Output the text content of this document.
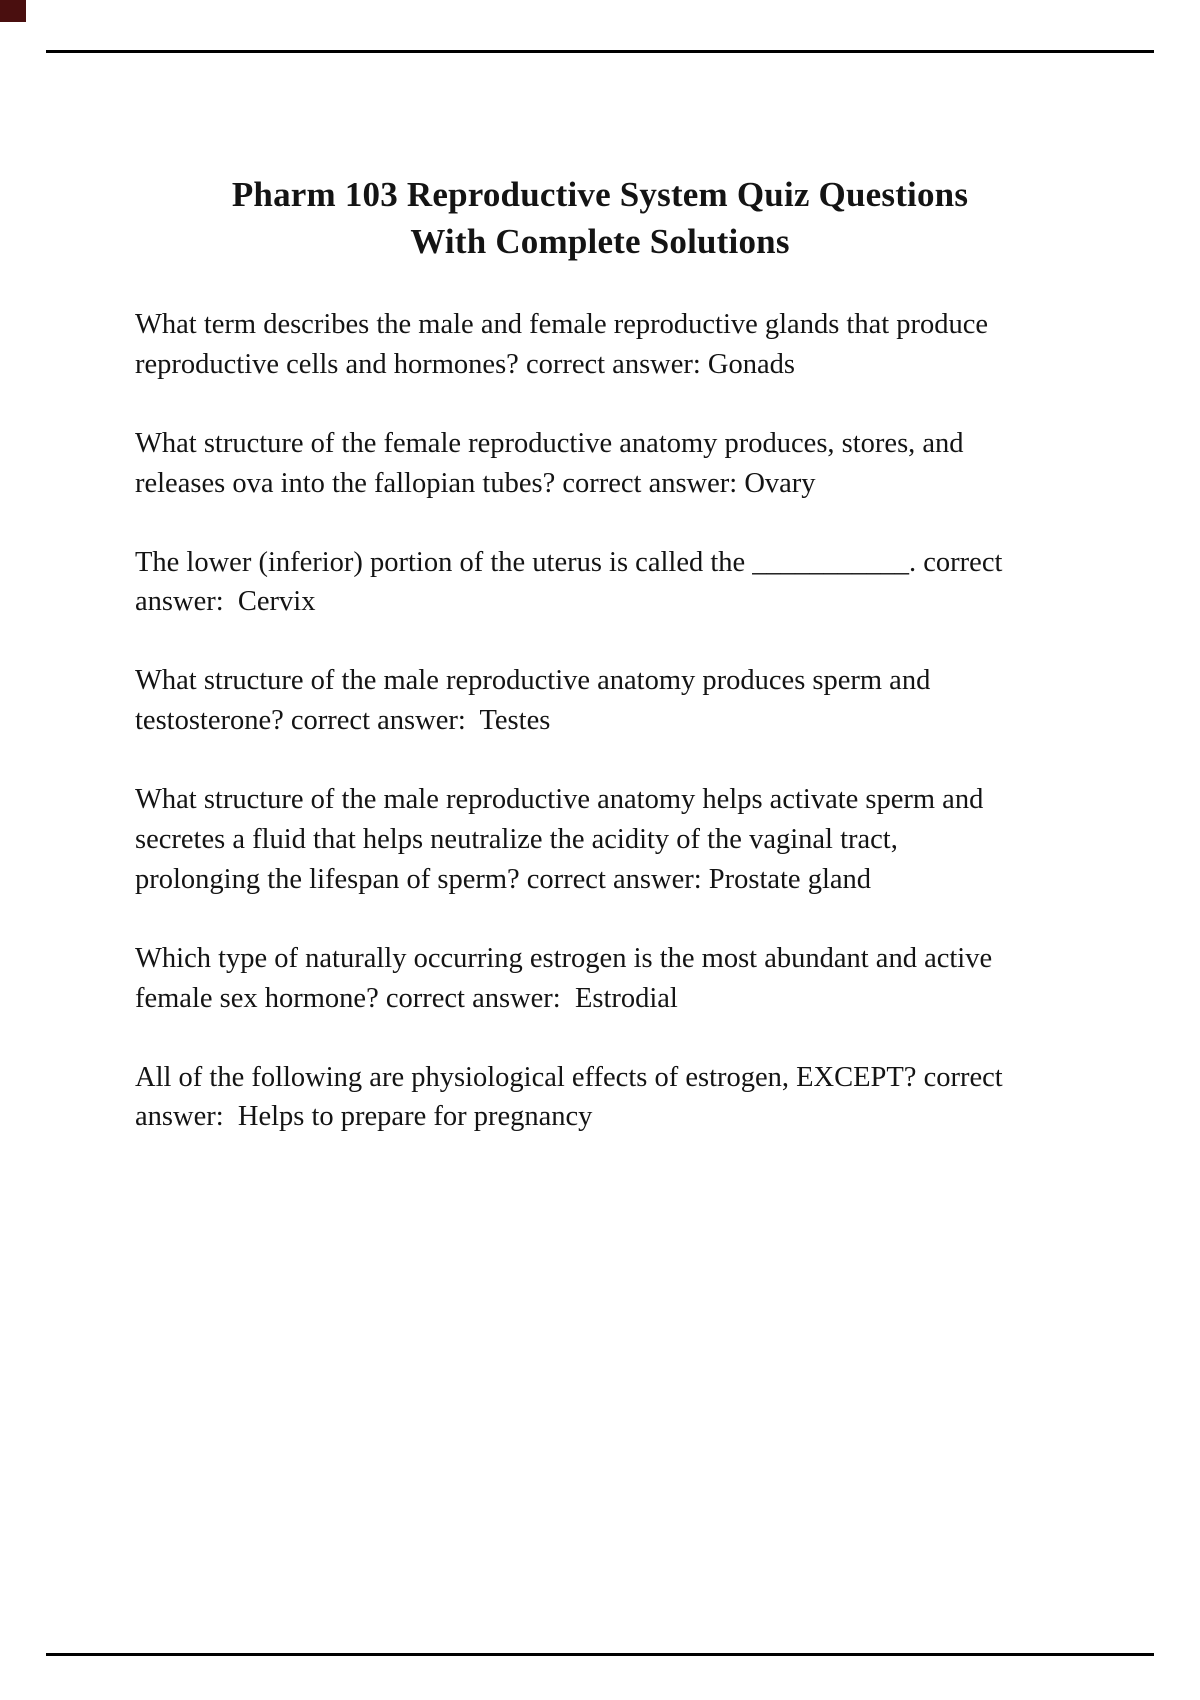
Pharm 103 Reproductive System Quiz Questions
With Complete Solutions

What term describes the male and female reproductive glands that produce reproductive cells and hormones? correct answer: Gonads

What structure of the female reproductive anatomy produces, stores, and releases ova into the fallopian tubes? correct answer: Ovary

The lower (inferior) portion of the uterus is called the ___________. correct answer:  Cervix

What structure of the male reproductive anatomy produces sperm and testosterone? correct answer:  Testes

What structure of the male reproductive anatomy helps activate sperm and secretes a fluid that helps neutralize the acidity of the vaginal tract, prolonging the lifespan of sperm? correct answer: Prostate gland

Which type of naturally occurring estrogen is the most abundant and active female sex hormone? correct answer:  Estrodial

All of the following are physiological effects of estrogen, EXCEPT? correct answer:  Helps to prepare for pregnancy
